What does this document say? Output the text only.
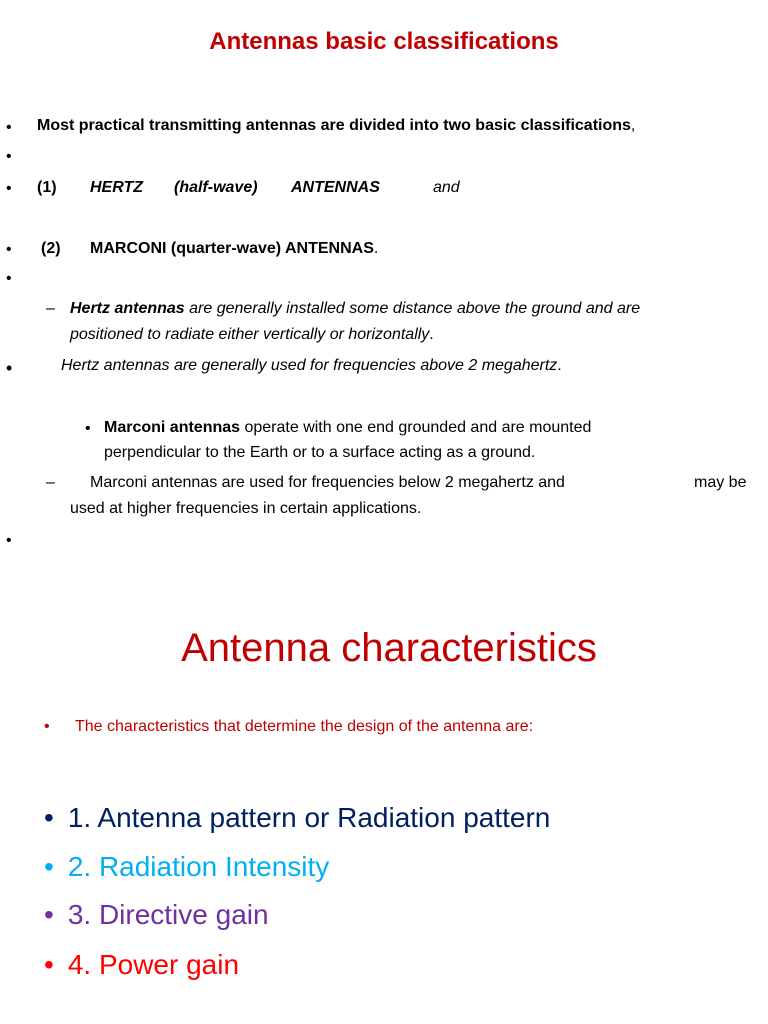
Antennas basic classifications
• Most practical transmitting antennas are divided into two basic classifications,
•
• (1) HERTZ (half-wave) ANTENNAS	and
• (2) MARCONI (quarter-wave) ANTENNAS.
•
– Hertz antennas are generally installed some distance above the ground and are
positioned to radiate either vertically or horizontally.
•	Hertz antennas are generally used for frequencies above 2 megahertz.
• Marconi antennas operate with one end grounded and are mounted
perpendicular to the Earth or to a surface acting as a ground.
– Marconi antennas are used for frequencies below 2 megahertz and	may be
used at higher frequencies in certain applications.
•
Antenna characteristics
• The characteristics that determine the design of the antenna are:
• 1. Antenna pattern or Radiation pattern
• 2. Radiation Intensity
• 3. Directive gain
• 4. Power gain
